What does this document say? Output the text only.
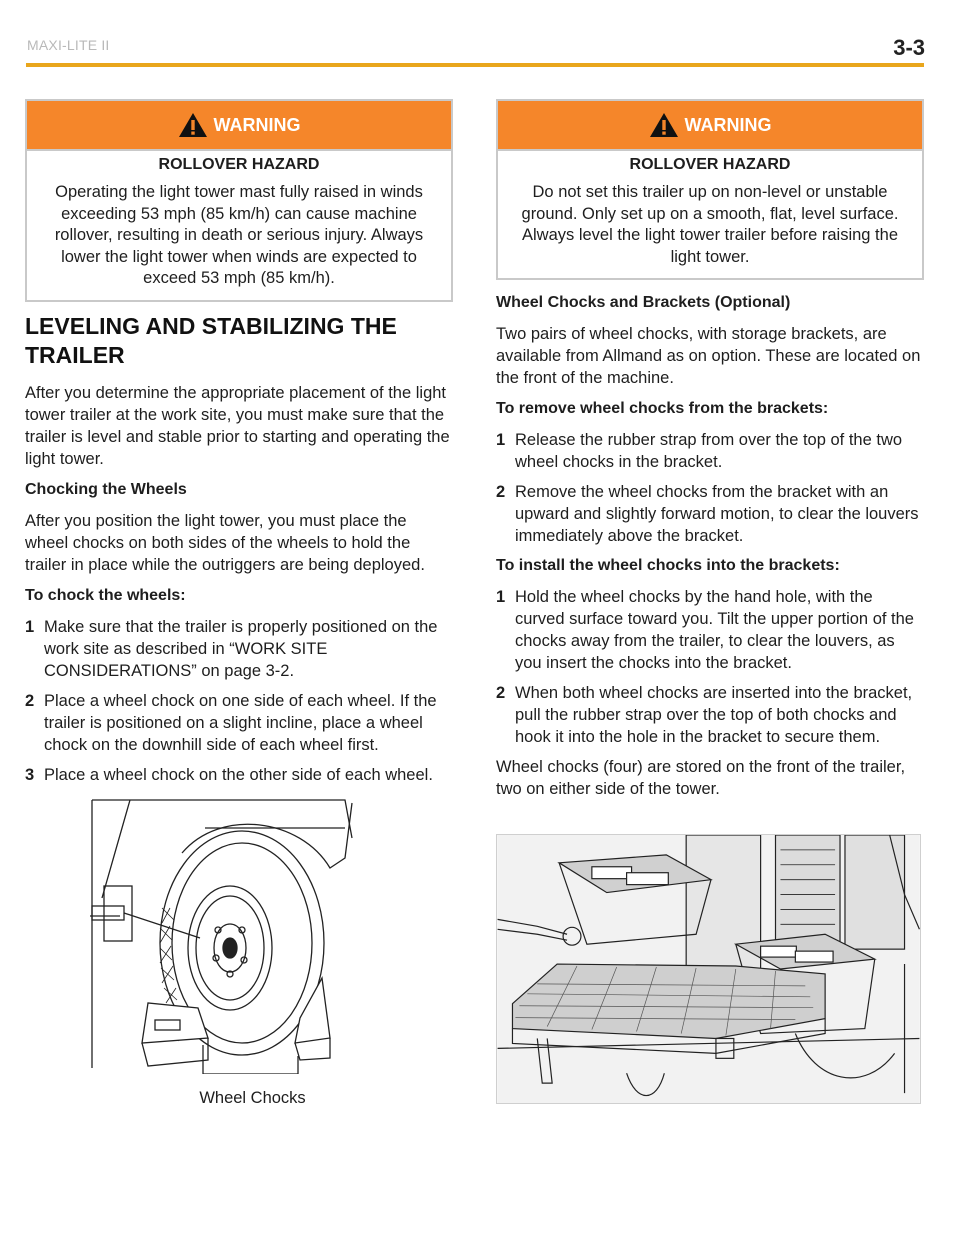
MAXI-LITE II	3-3
WARNING
ROLLOVER HAZARD
Operating the light tower mast fully raised in winds exceeding 53 mph (85 km/h) can cause machine rollover, resulting in death or serious injury. Always lower the light tower when winds are expected to exceed 53 mph (85 km/h).
LEVELING AND STABILIZING THE TRAILER

After you determine the appropriate placement of the light tower trailer at the work site, you must make sure that the trailer is level and stable prior to starting and operating the light tower.

Chocking the Wheels

After you position the light tower, you must place the wheel chocks on both sides of the wheels to hold the trailer in place while the outriggers are being deployed.

To chock the wheels:
1 Make sure that the trailer is properly positioned on the work site as described in “WORK SITE CONSIDERATIONS” on page 3-2.
2 Place a wheel chock on one side of each wheel. If the trailer is positioned on a slight incline, place a wheel chock on the downhill side of each wheel first.
3 Place a wheel chock on the other side of each wheel.
Wheel Chocks
WARNING
ROLLOVER HAZARD
Do not set this trailer up on non-level or unstable ground. Only set up on a smooth, flat, level surface. Always level the light tower trailer before raising the light tower.
Wheel Chocks and Brackets (Optional)

Two pairs of wheel chocks, with storage brackets, are available from Allmand as on option. These are located on the front of the machine.

To remove wheel chocks from the brackets:
1 Release the rubber strap from over the top of the two wheel chocks in the bracket.
2 Remove the wheel chocks from the bracket with an upward and slightly forward motion, to clear the louvers immediately above the bracket.
To install the wheel chocks into the brackets:
1 Hold the wheel chocks by the hand hole, with the curved surface toward you. Tilt the upper portion of the chocks away from the trailer, to clear the louvers, as you insert the chocks into the bracket.
2 When both wheel chocks are inserted into the bracket, pull the rubber strap over the top of both chocks and hook it into the hole in the bracket to secure them.

Wheel chocks (four) are stored on the front of the trailer, two on either side of the tower.
